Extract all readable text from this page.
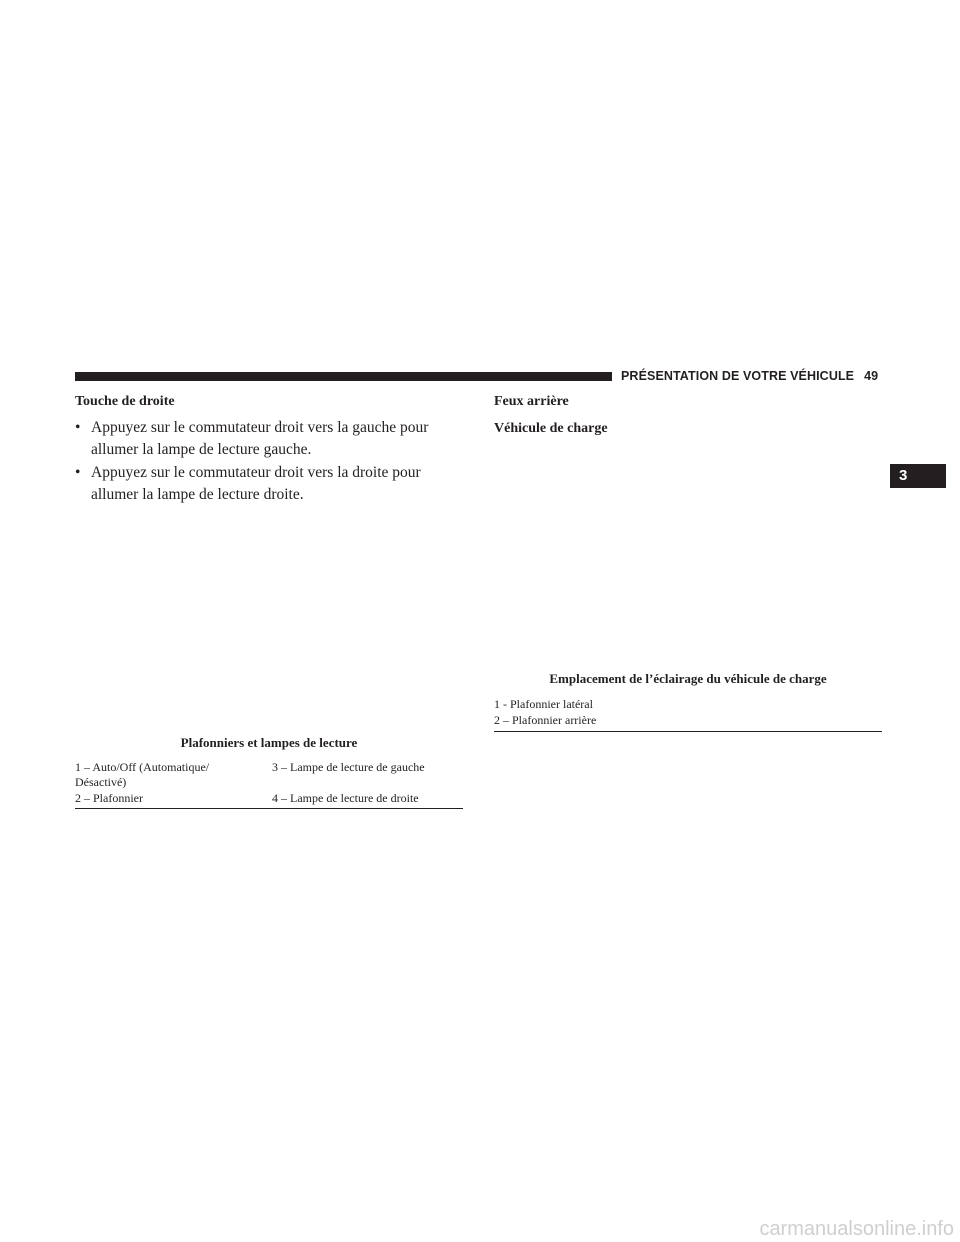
PRÉSENTATION DE VOTRE VÉHICULE 49
3
Touche de droite
• Appuyez sur le commutateur droit vers la gauche pour
allumer la lampe de lecture gauche.
• Appuyez sur le commutateur droit vers la droite pour
allumer la lampe de lecture droite.
Plafonniers et lampes de lecture
1 – Auto/Off (Automatique/
Désactivé)
2 – Plafonnier
3 – Lampe de lecture de gauche
4 – Lampe de lecture de droite
Feux arrière
Véhicule de charge
Emplacement de l’éclairage du véhicule de charge
1 - Plafonnier latéral
2 – Plafonnier arrière
carmanualsonline.info
